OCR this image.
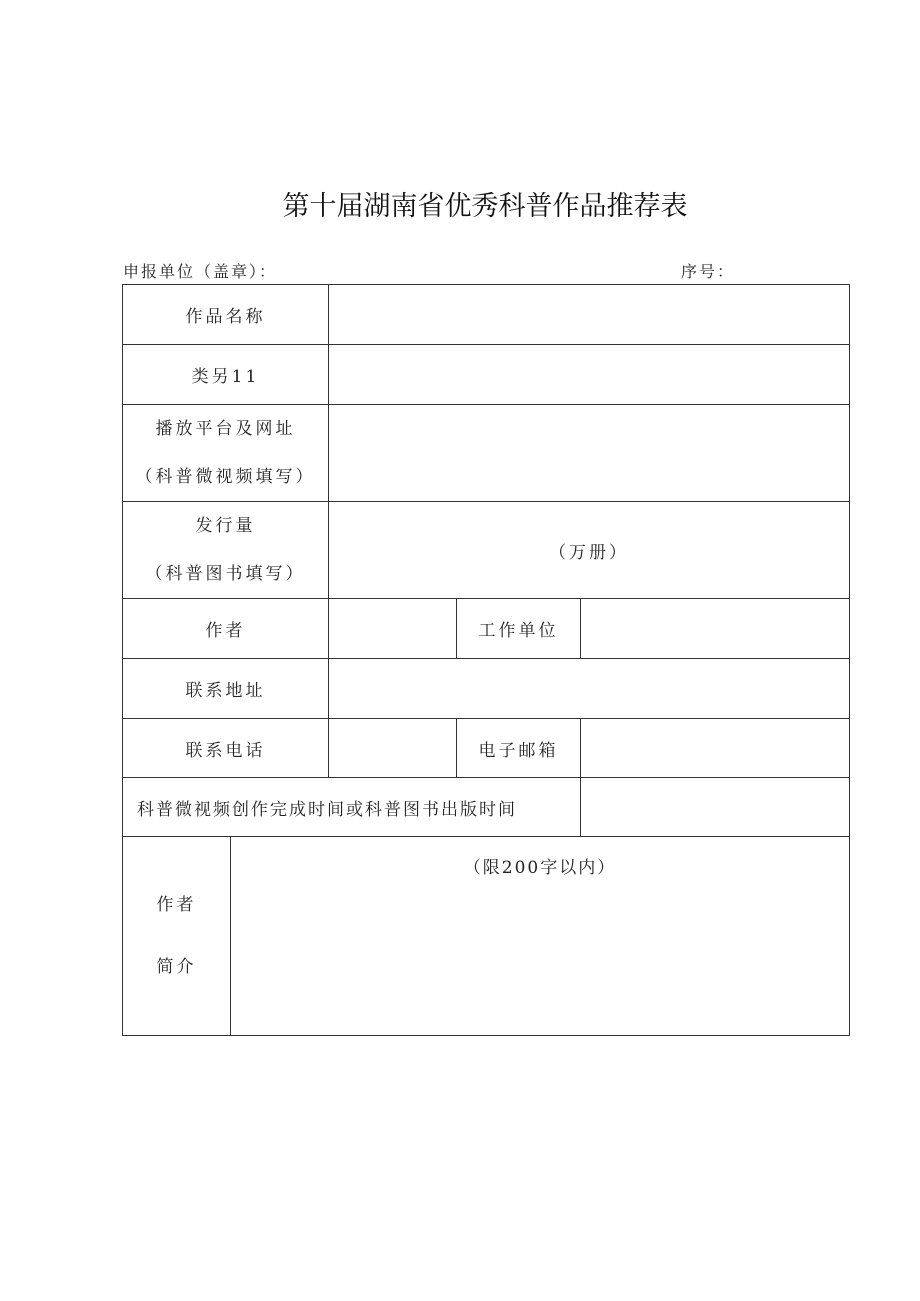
第十届湖南省优秀科普作品推荐表
申报单位（盖章）：	序号：
作品名称				
类另11				

播放平台及网址
（科普微视频填写）				

发行量
（科普图书填写）		（万册）		
作者			工作单位	
联系地址				
联系电话			电子邮箱	
科普微视频创作完成时间或科普图书出版时间				

作者
简介	（限200字以内）			
